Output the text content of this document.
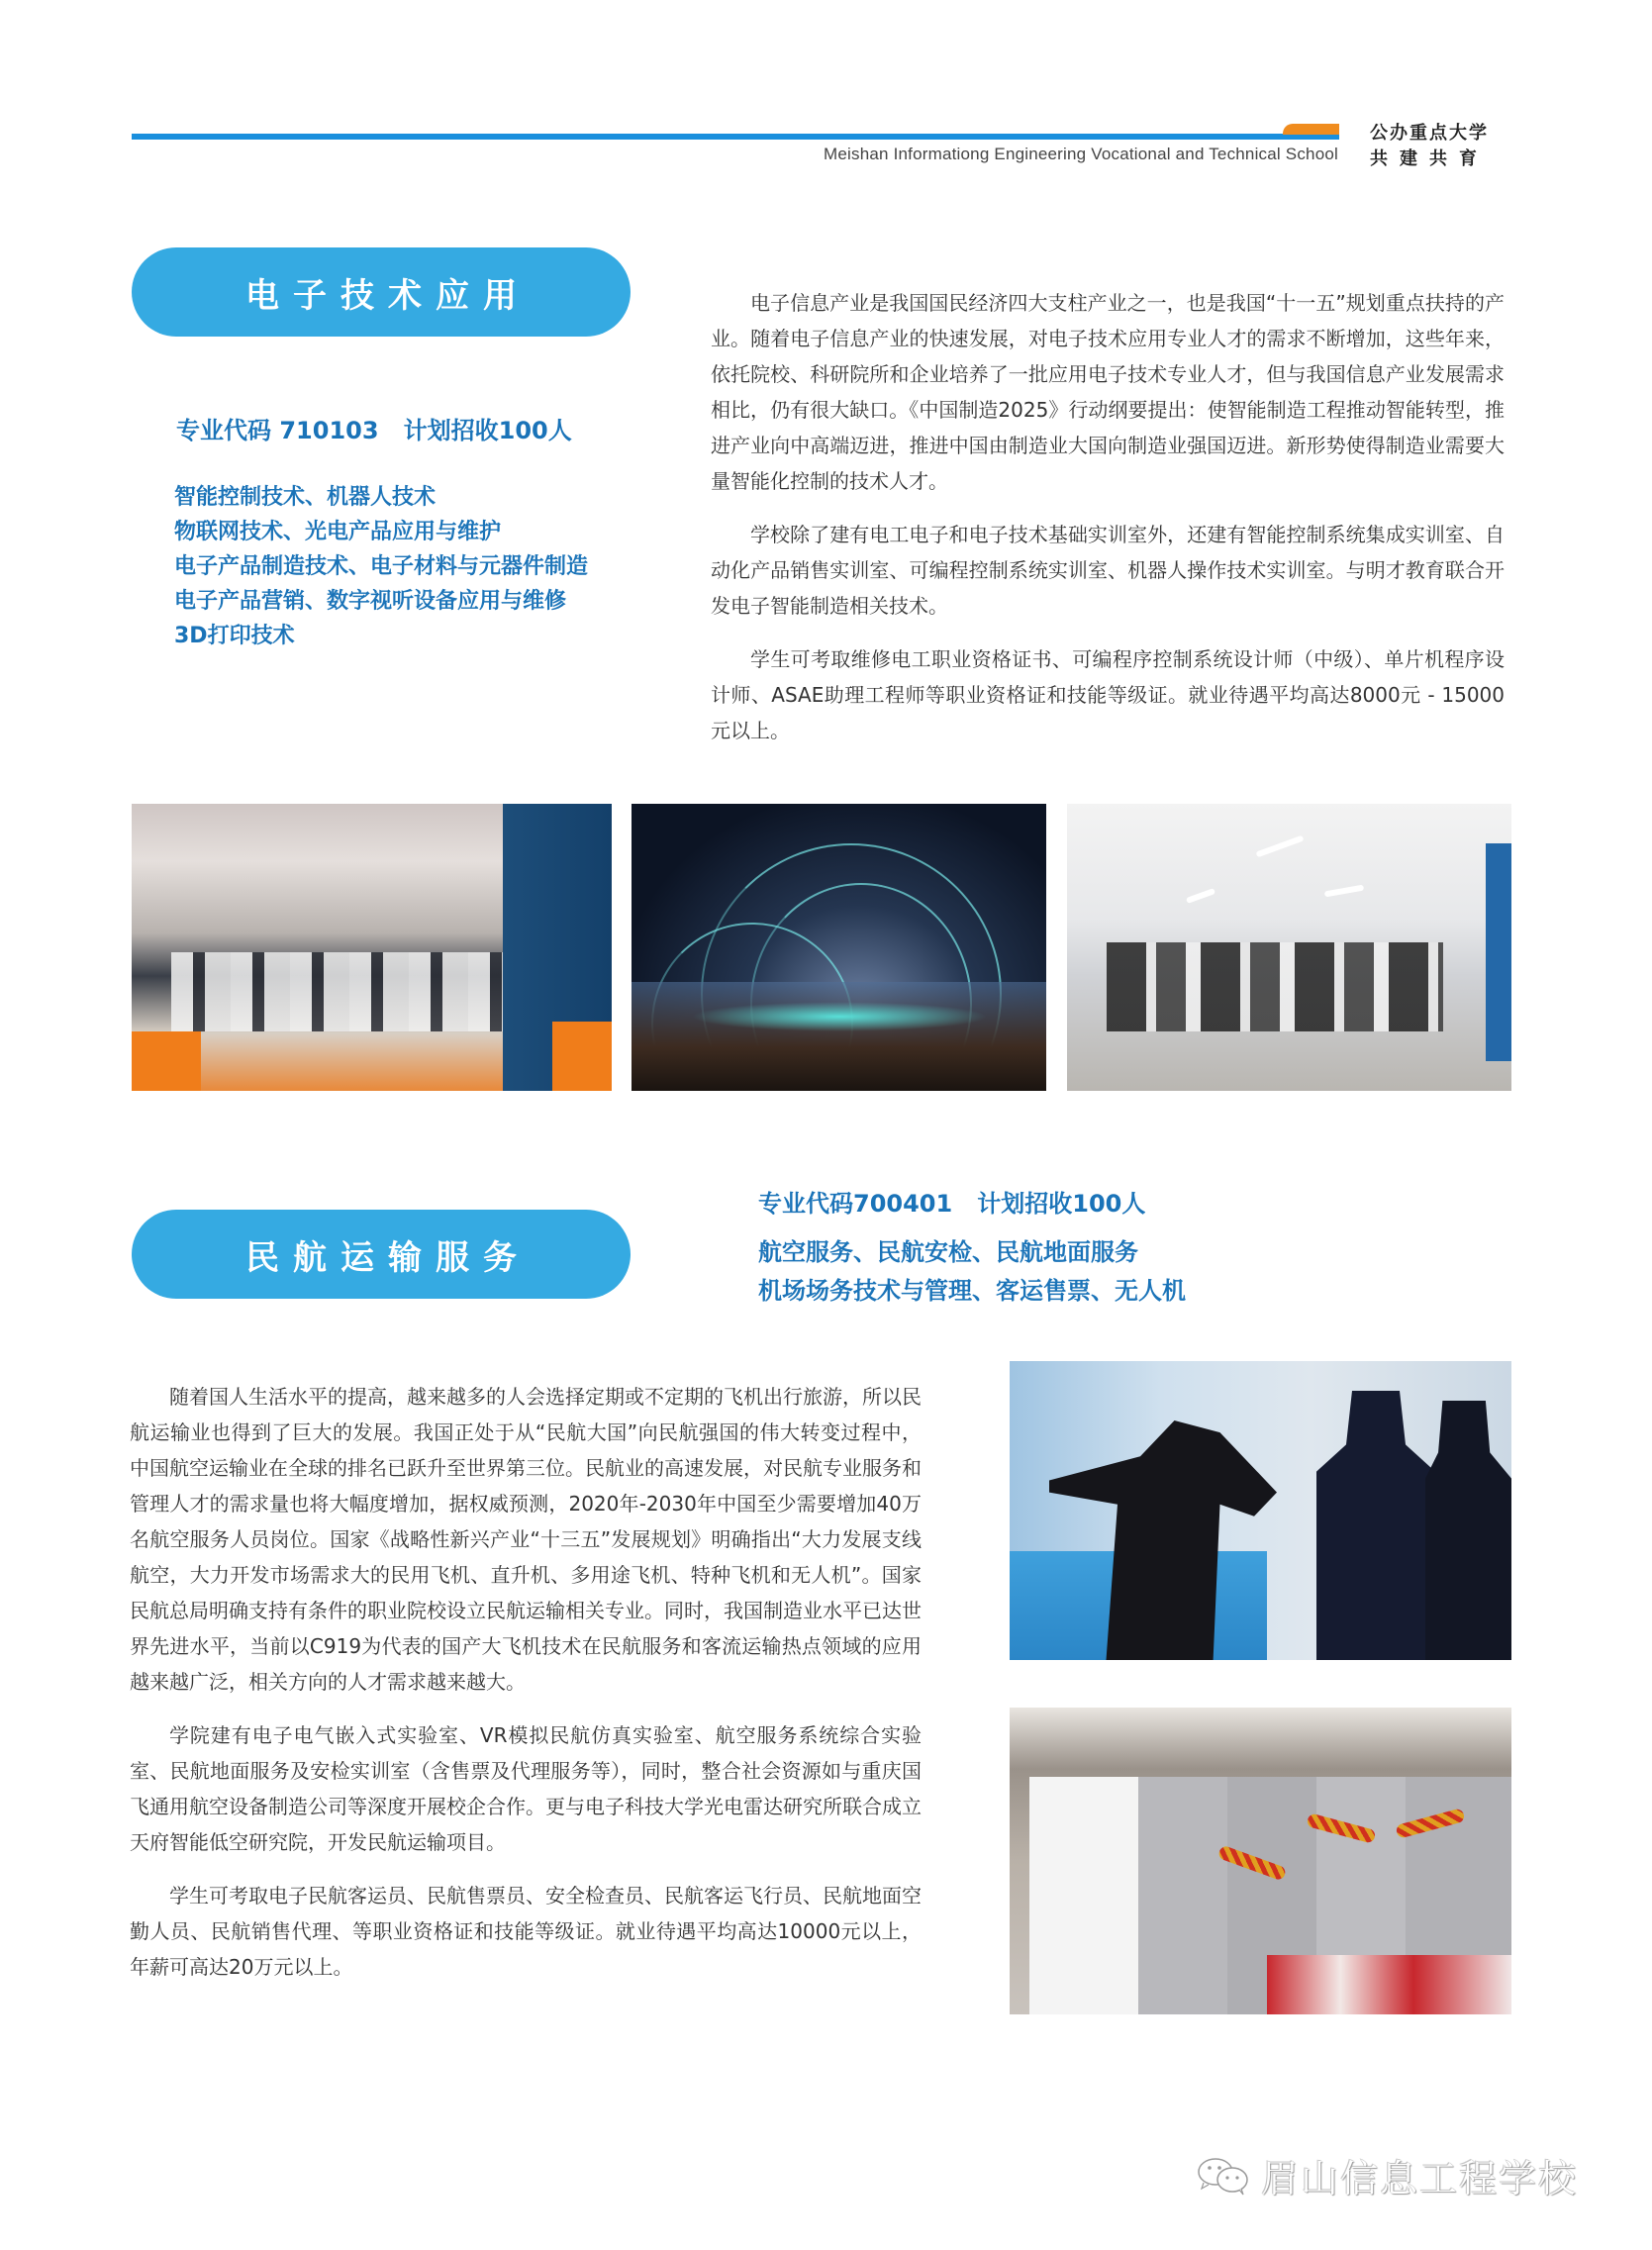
Meishan Informationg Engineering Vocational and Technical School
公办重点大学
共建共育
电子技术应用
专业代码 710103   计划招收100人
智能控制技术、机器人技术
物联网技术、光电产品应用与维护
电子产品制造技术、电子材料与元器件制造
电子产品营销、数字视听设备应用与维修
3D打印技术

电子信息产业是我国国民经济四大支柱产业之一，也是我国“十一五”规划重点扶持的产业。随着电子信息产业的快速发展，对电子技术应用专业人才的需求不断增加，这些年来，依托院校、科研院所和企业培养了一批应用电子技术专业人才，但与我国信息产业发展需求相比，仍有很大缺口。《中国制造2025》行动纲要提出：使智能制造工程推动智能转型，推进产业向中高端迈进，推进中国由制造业大国向制造业强国迈进。新形势使得制造业需要大量智能化控制的技术人才。

学校除了建有电工电子和电子技术基础实训室外，还建有智能控制系统集成实训室、自动化产品销售实训室、可编程控制系统实训室、机器人操作技术实训室。与明才教育联合开发电子智能制造相关技术。

学生可考取维修电工职业资格证书、可编程序控制系统设计师（中级）、单片机程序设计师、ASAE助理工程师等职业资格证和技能等级证。就业待遇平均高达8000元 - 15000元以上。

民航运输服务
专业代码700401   计划招收100人
航空服务、民航安检、民航地面服务
机场场务技术与管理、客运售票、无人机

随着国人生活水平的提高，越来越多的人会选择定期或不定期的飞机出行旅游，所以民航运输业也得到了巨大的发展。我国正处于从“民航大国”向民航强国的伟大转变过程中，中国航空运输业在全球的排名已跃升至世界第三位。民航业的高速发展，对民航专业服务和管理人才的需求量也将大幅度增加，据权威预测，2020年-2030年中国至少需要增加40万名航空服务人员岗位。国家《战略性新兴产业“十三五”发展规划》明确指出“大力发展支线航空，大力开发市场需求大的民用飞机、直升机、多用途飞机、特种飞机和无人机”。国家民航总局明确支持有条件的职业院校设立民航运输相关专业。同时，我国制造业水平已达世界先进水平，当前以C919为代表的国产大飞机技术在民航服务和客流运输热点领域的应用越来越广泛，相关方向的人才需求越来越大。

学院建有电子电气嵌入式实验室、VR模拟民航仿真实验室、航空服务系统综合实验室、民航地面服务及安检实训室（含售票及代理服务等），同时，整合社会资源如与重庆国飞通用航空设备制造公司等深度开展校企合作。更与电子科技大学光电雷达研究所联合成立天府智能低空研究院，开发民航运输项目。

学生可考取电子民航客运员、民航售票员、安全检查员、民航客运飞行员、民航地面空勤人员、民航销售代理、等职业资格证和技能等级证。就业待遇平均高达10000元以上，年薪可高达20万元以上。

眉山信息工程学校
